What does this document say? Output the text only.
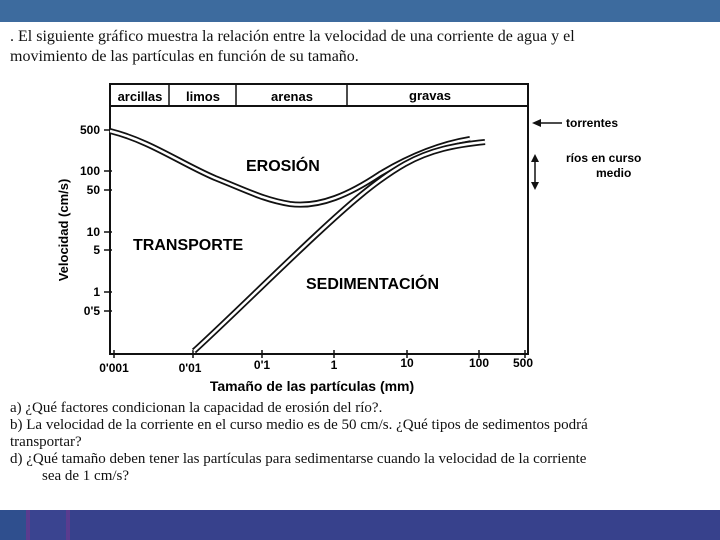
. El siguiente gráfico muestra la relación entre la velocidad de una corriente de agua y el
movimiento de las partículas en función de su tamaño.
arcillas limos	arenas	gravas
500
100
50
10
5
1
0'5
0'001	0'01	0'1	1	10	100 500
Tamaño de las partículas (mm)
Velocidad (cm/s)
EROSIÓN
TRANSPORTE
SEDIMENTACIÓN
torrentes
ríos en curso
medio

a) ¿Qué factores condicionan la capacidad de erosión del río?.

b) La velocidad de la corriente en el curso medio es de 50 cm/s. ¿Qué tipos de sedimentos podrá

transportar?

d) ¿Qué tamaño deben tener las partículas para sedimentarse cuando la velocidad de la corriente

sea de 1 cm/s?
